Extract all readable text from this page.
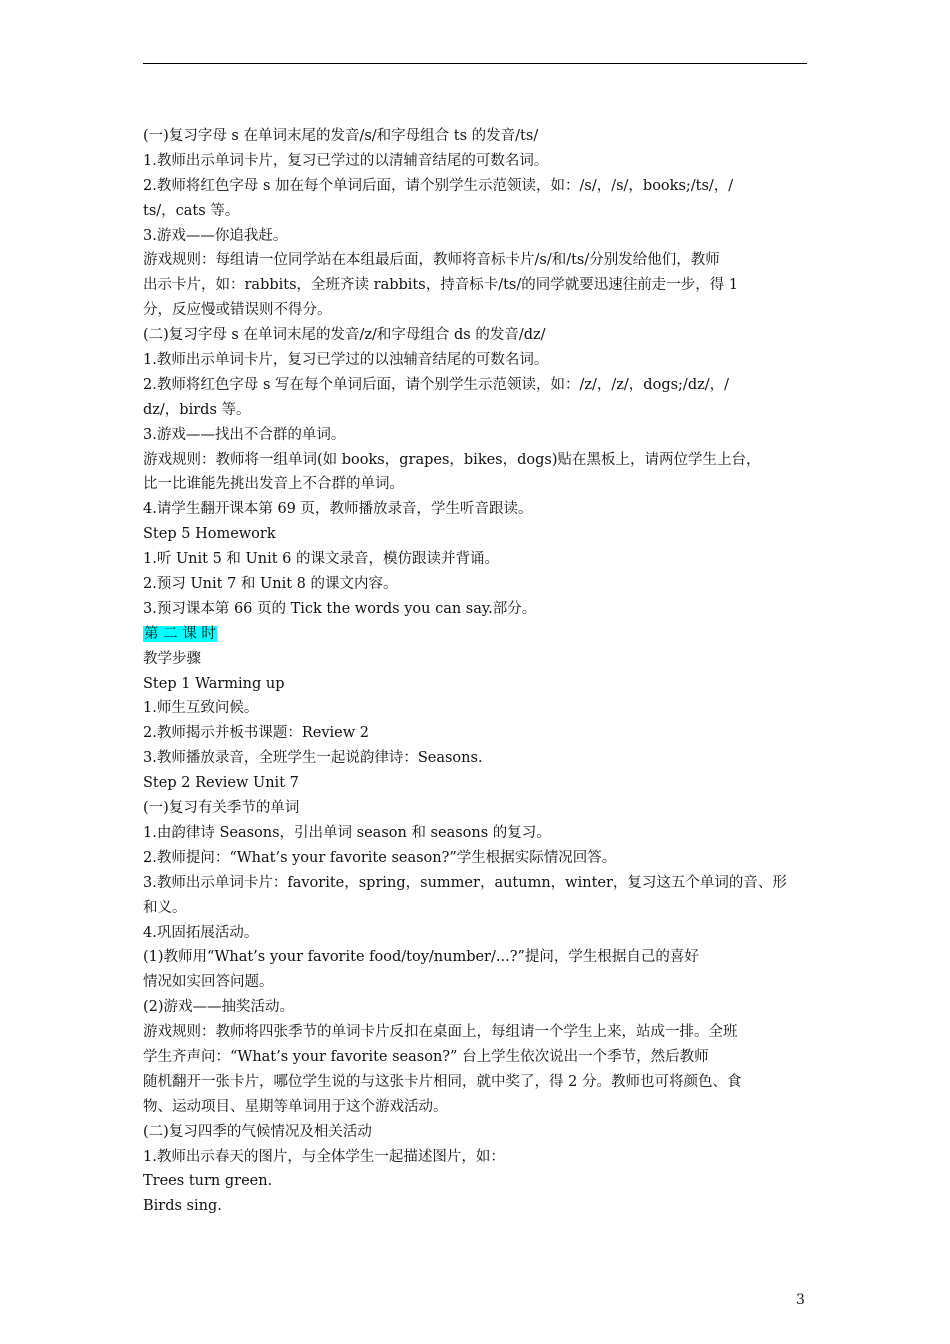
(一)复习字母 s 在单词末尾的发音/s/和字母组合 ts 的发音/ts/
1.教师出示单词卡片，复习已学过的以清辅音结尾的可数名词。
2.教师将红色字母 s 加在每个单词后面，请个别学生示范领读，如：/s/，/s/，books;/ts/，/
ts/，cats 等。
3.游戏——你追我赶。
游戏规则：每组请一位同学站在本组最后面，教师将音标卡片/s/和/ts/分别发给他们，教师
出示卡片，如：rabbits，全班齐读 rabbits，持音标卡/ts/的同学就要迅速往前走一步，得 1
分，反应慢或错误则不得分。
(二)复习字母 s 在单词末尾的发音/z/和字母组合 ds 的发音/dz/
1.教师出示单词卡片，复习已学过的以浊辅音结尾的可数名词。
2.教师将红色字母 s 写在每个单词后面，请个别学生示范领读，如：/z/，/z/，dogs;/dz/，/
dz/，birds 等。
3.游戏——找出不合群的单词。
游戏规则：教师将一组单词(如 books，grapes，bikes，dogs)贴在黑板上，请两位学生上台，
比一比谁能先挑出发音上不合群的单词。
4.请学生翻开课本第 69 页，教师播放录音，学生听音跟读。
Step 5 Homework
1.听 Unit 5 和 Unit 6 的课文录音，模仿跟读并背诵。
2.预习 Unit 7 和 Unit 8 的课文内容。
3.预习课本第 66 页的 Tick the words you can say.部分。
第 二 课 时
教学步骤
Step 1 Warming up
1.师生互致问候。
2.教师揭示并板书课题：Review 2
3.教师播放录音，全班学生一起说韵律诗：Seasons.
Step 2 Review Unit 7
(一)复习有关季节的单词
1.由韵律诗 Seasons，引出单词 season 和 seasons 的复习。
2.教师提问：“What’s your favorite season?”学生根据实际情况回答。
3.教师出示单词卡片：favorite，spring，summer，autumn，winter，复习这五个单词的音、形
和义。
4.巩固拓展活动。
(1)教师用“What’s your favorite food/toy/number/...?”提问，学生根据自己的喜好
情况如实回答问题。
(2)游戏——抽奖活动。
游戏规则：教师将四张季节的单词卡片反扣在桌面上，每组请一个学生上来，站成一排。全班
学生齐声问：“What’s your favorite season?” 台上学生依次说出一个季节，然后教师
随机翻开一张卡片，哪位学生说的与这张卡片相同，就中奖了，得 2 分。教师也可将颜色、食
物、运动项目、星期等单词用于这个游戏活动。
(二)复习四季的气候情况及相关活动
1.教师出示春天的图片，与全体学生一起描述图片，如：
Trees turn green.
Birds sing.
3
